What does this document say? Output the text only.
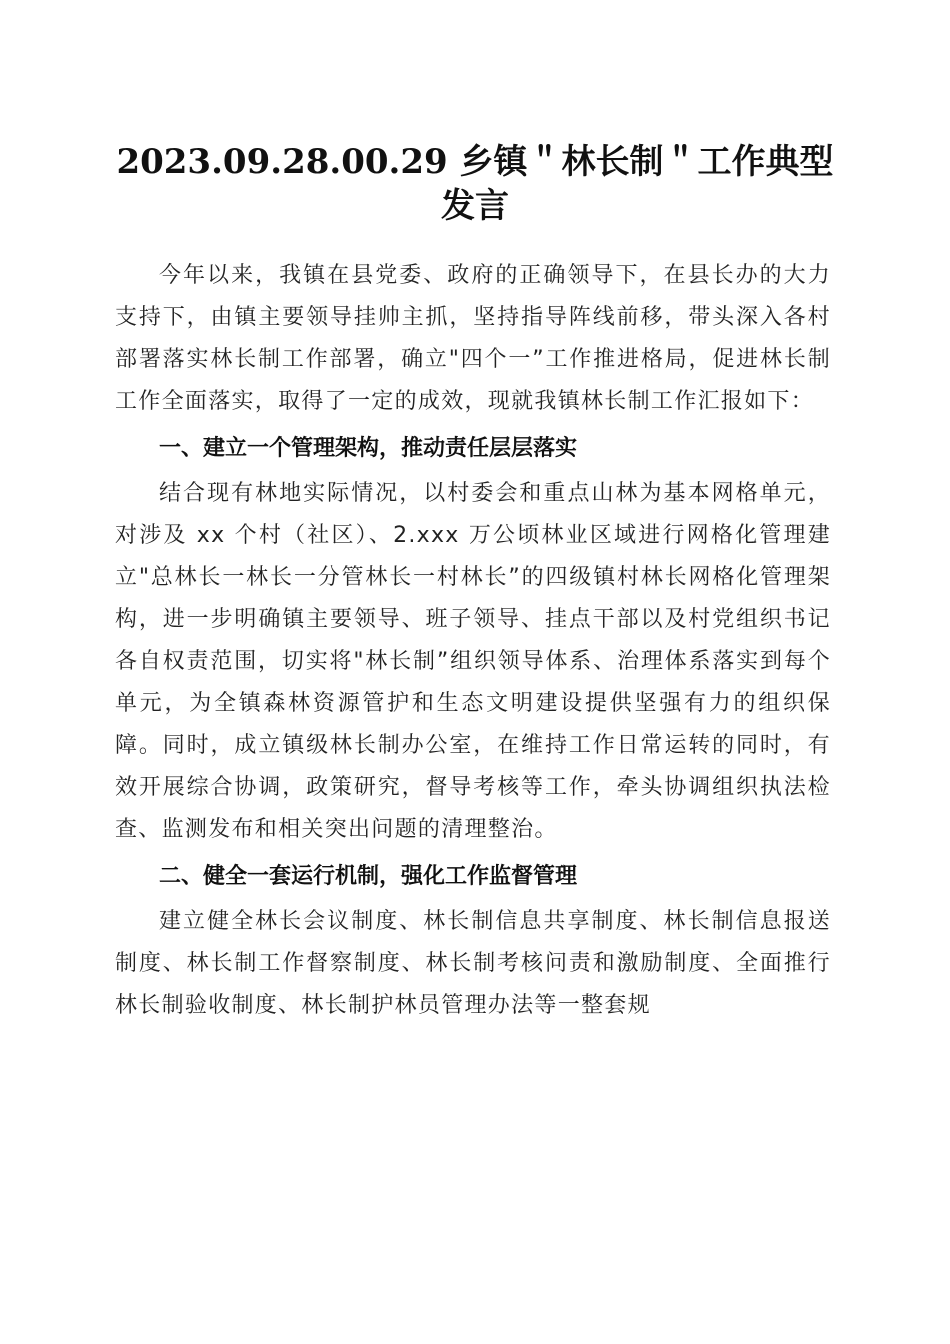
2023.09.28.00.29 乡镇＂林长制＂工作典型发言

今年以来，我镇在县党委、政府的正确领导下，在县长办的大力支持下，由镇主要领导挂帅主抓，坚持指导阵线前移，带头深入各村部署落实林长制工作部署，确立"四个一”工作推进格局，促进林长制工作全面落实，取得了一定的成效，现就我镇林长制工作汇报如下：

一、建立一个管理架构，推动责任层层落实

结合现有林地实际情况，以村委会和重点山林为基本网格单元，对涉及 xx 个村（社区）、2.xxx 万公顷林业区域进行网格化管理建立"总林长一林长一分管林长一村林长”的四级镇村林长网格化管理架构，进一步明确镇主要领导、班子领导、挂点干部以及村党组织书记各自权责范围，切实将"林长制”组织领导体系、治理体系落实到每个单元，为全镇森林资源管护和生态文明建设提供坚强有力的组织保障。同时，成立镇级林长制办公室，在维持工作日常运转的同时，有效开展综合协调，政策研究，督导考核等工作，牵头协调组织执法检查、监测发布和相关突出问题的清理整治。

二、健全一套运行机制，强化工作监督管理

建立健全林长会议制度、林长制信息共享制度、林长制信息报送制度、林长制工作督察制度、林长制考核问责和激励制度、全面推行林长制验收制度、林长制护林员管理办法等一整套规
